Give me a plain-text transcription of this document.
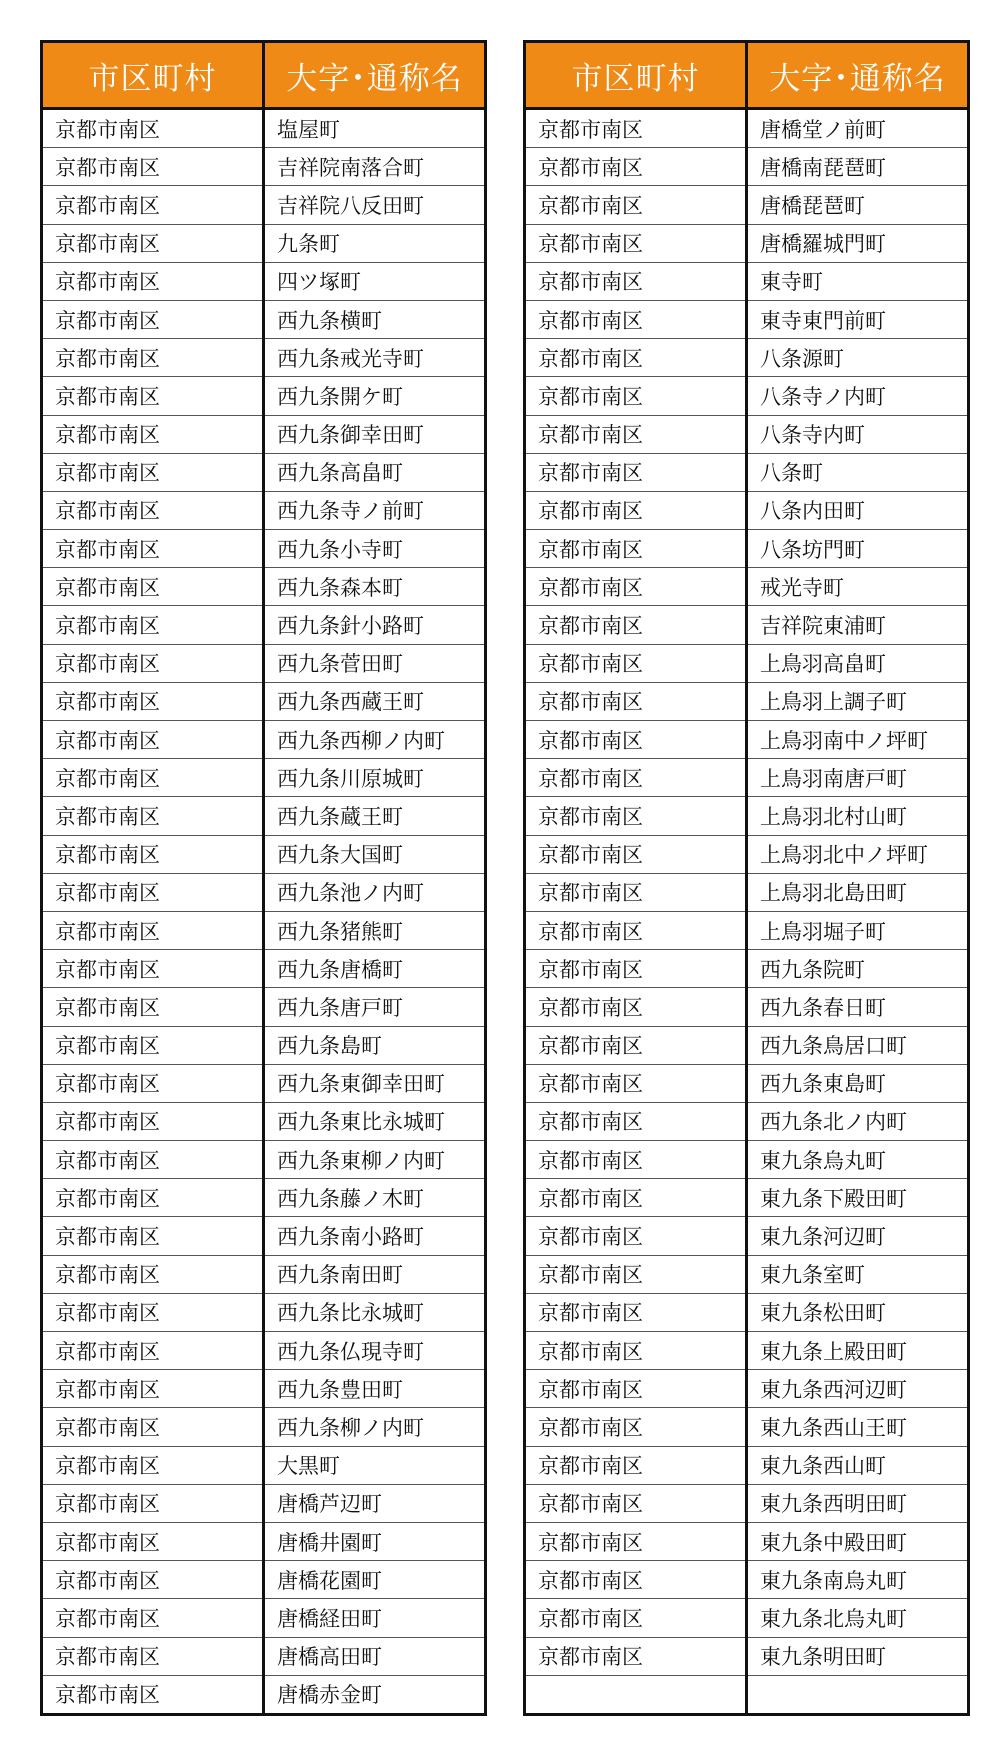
市区町村	大字･通称名
京都市南区	塩屋町
京都市南区	吉祥院南落合町
京都市南区	吉祥院八反田町
京都市南区	九条町
京都市南区	四ツ塚町
京都市南区	西九条横町
京都市南区	西九条戒光寺町
京都市南区	西九条開ケ町
京都市南区	西九条御幸田町
京都市南区	西九条高畠町
京都市南区	西九条寺ノ前町
京都市南区	西九条小寺町
京都市南区	西九条森本町
京都市南区	西九条針小路町
京都市南区	西九条菅田町
京都市南区	西九条西蔵王町
京都市南区	西九条西柳ノ内町
京都市南区	西九条川原城町
京都市南区	西九条蔵王町
京都市南区	西九条大国町
京都市南区	西九条池ノ内町
京都市南区	西九条猪熊町
京都市南区	西九条唐橋町
京都市南区	西九条唐戸町
京都市南区	西九条島町
京都市南区	西九条東御幸田町
京都市南区	西九条東比永城町
京都市南区	西九条東柳ノ内町
京都市南区	西九条藤ノ木町
京都市南区	西九条南小路町
京都市南区	西九条南田町
京都市南区	西九条比永城町
京都市南区	西九条仏現寺町
京都市南区	西九条豊田町
京都市南区	西九条柳ノ内町
京都市南区	大黒町
京都市南区	唐橋芦辺町
京都市南区	唐橋井園町
京都市南区	唐橋花園町
京都市南区	唐橋経田町
京都市南区	唐橋高田町
京都市南区	唐橋赤金町
市区町村	大字･通称名
京都市南区	唐橋堂ノ前町
京都市南区	唐橋南琵琶町
京都市南区	唐橋琵琶町
京都市南区	唐橋羅城門町
京都市南区	東寺町
京都市南区	東寺東門前町
京都市南区	八条源町
京都市南区	八条寺ノ内町
京都市南区	八条寺内町
京都市南区	八条町
京都市南区	八条内田町
京都市南区	八条坊門町
京都市南区	戒光寺町
京都市南区	吉祥院東浦町
京都市南区	上鳥羽高畠町
京都市南区	上鳥羽上調子町
京都市南区	上鳥羽南中ノ坪町
京都市南区	上鳥羽南唐戸町
京都市南区	上鳥羽北村山町
京都市南区	上鳥羽北中ノ坪町
京都市南区	上鳥羽北島田町
京都市南区	上鳥羽堀子町
京都市南区	西九条院町
京都市南区	西九条春日町
京都市南区	西九条鳥居口町
京都市南区	西九条東島町
京都市南区	西九条北ノ内町
京都市南区	東九条烏丸町
京都市南区	東九条下殿田町
京都市南区	東九条河辺町
京都市南区	東九条室町
京都市南区	東九条松田町
京都市南区	東九条上殿田町
京都市南区	東九条西河辺町
京都市南区	東九条西山王町
京都市南区	東九条西山町
京都市南区	東九条西明田町
京都市南区	東九条中殿田町
京都市南区	東九条南烏丸町
京都市南区	東九条北烏丸町
京都市南区	東九条明田町
